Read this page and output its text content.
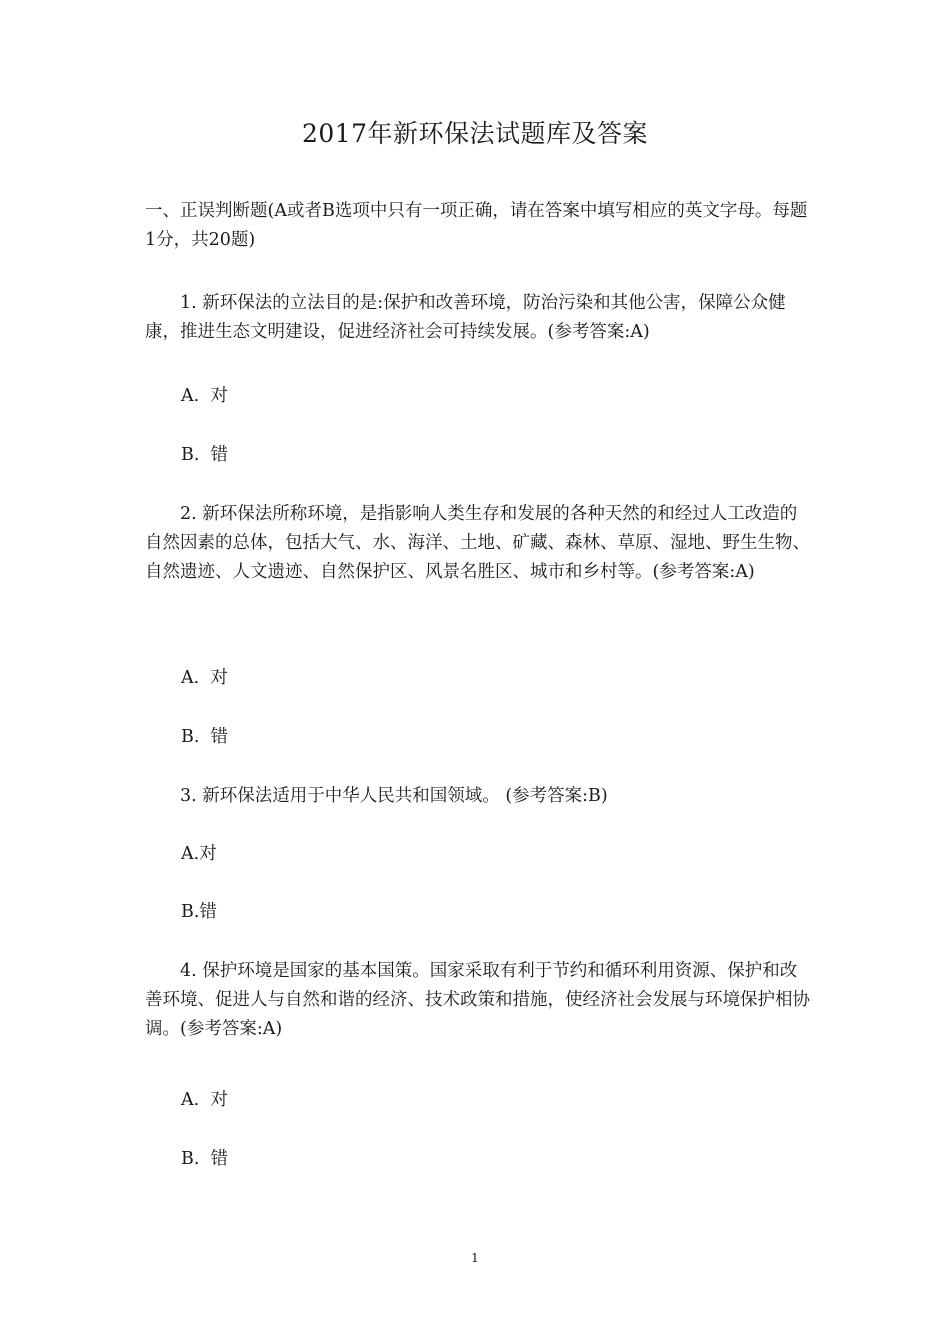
2017年新环保法试题库及答案
一、正误判断题(A或者B选项中只有一项正确，请在答案中填写相应的英文字母。每题1分，共20题)
1. 新环保法的立法目的是:保护和改善环境，防治污染和其他公害，保障公众健康，推进生态文明建设，促进经济社会可持续发展。(参考答案:A)
A.  对
B.  错
2. 新环保法所称环境，是指影响人类生存和发展的各种天然的和经过人工改造的自然因素的总体，包括大气、水、海洋、土地、矿藏、森林、草原、湿地、野生生物、自然遗迹、人文遗迹、自然保护区、风景名胜区、城市和乡村等。(参考答案:A)
A.  对
B.  错
3. 新环保法适用于中华人民共和国领域。 (参考答案:B)
A.对
B.错
4. 保护环境是国家的基本国策。国家采取有利于节约和循环利用资源、保护和改善环境、促进人与自然和谐的经济、技术政策和措施，使经济社会发展与环境保护相协调。(参考答案:A)
A.  对
B.  错
1
